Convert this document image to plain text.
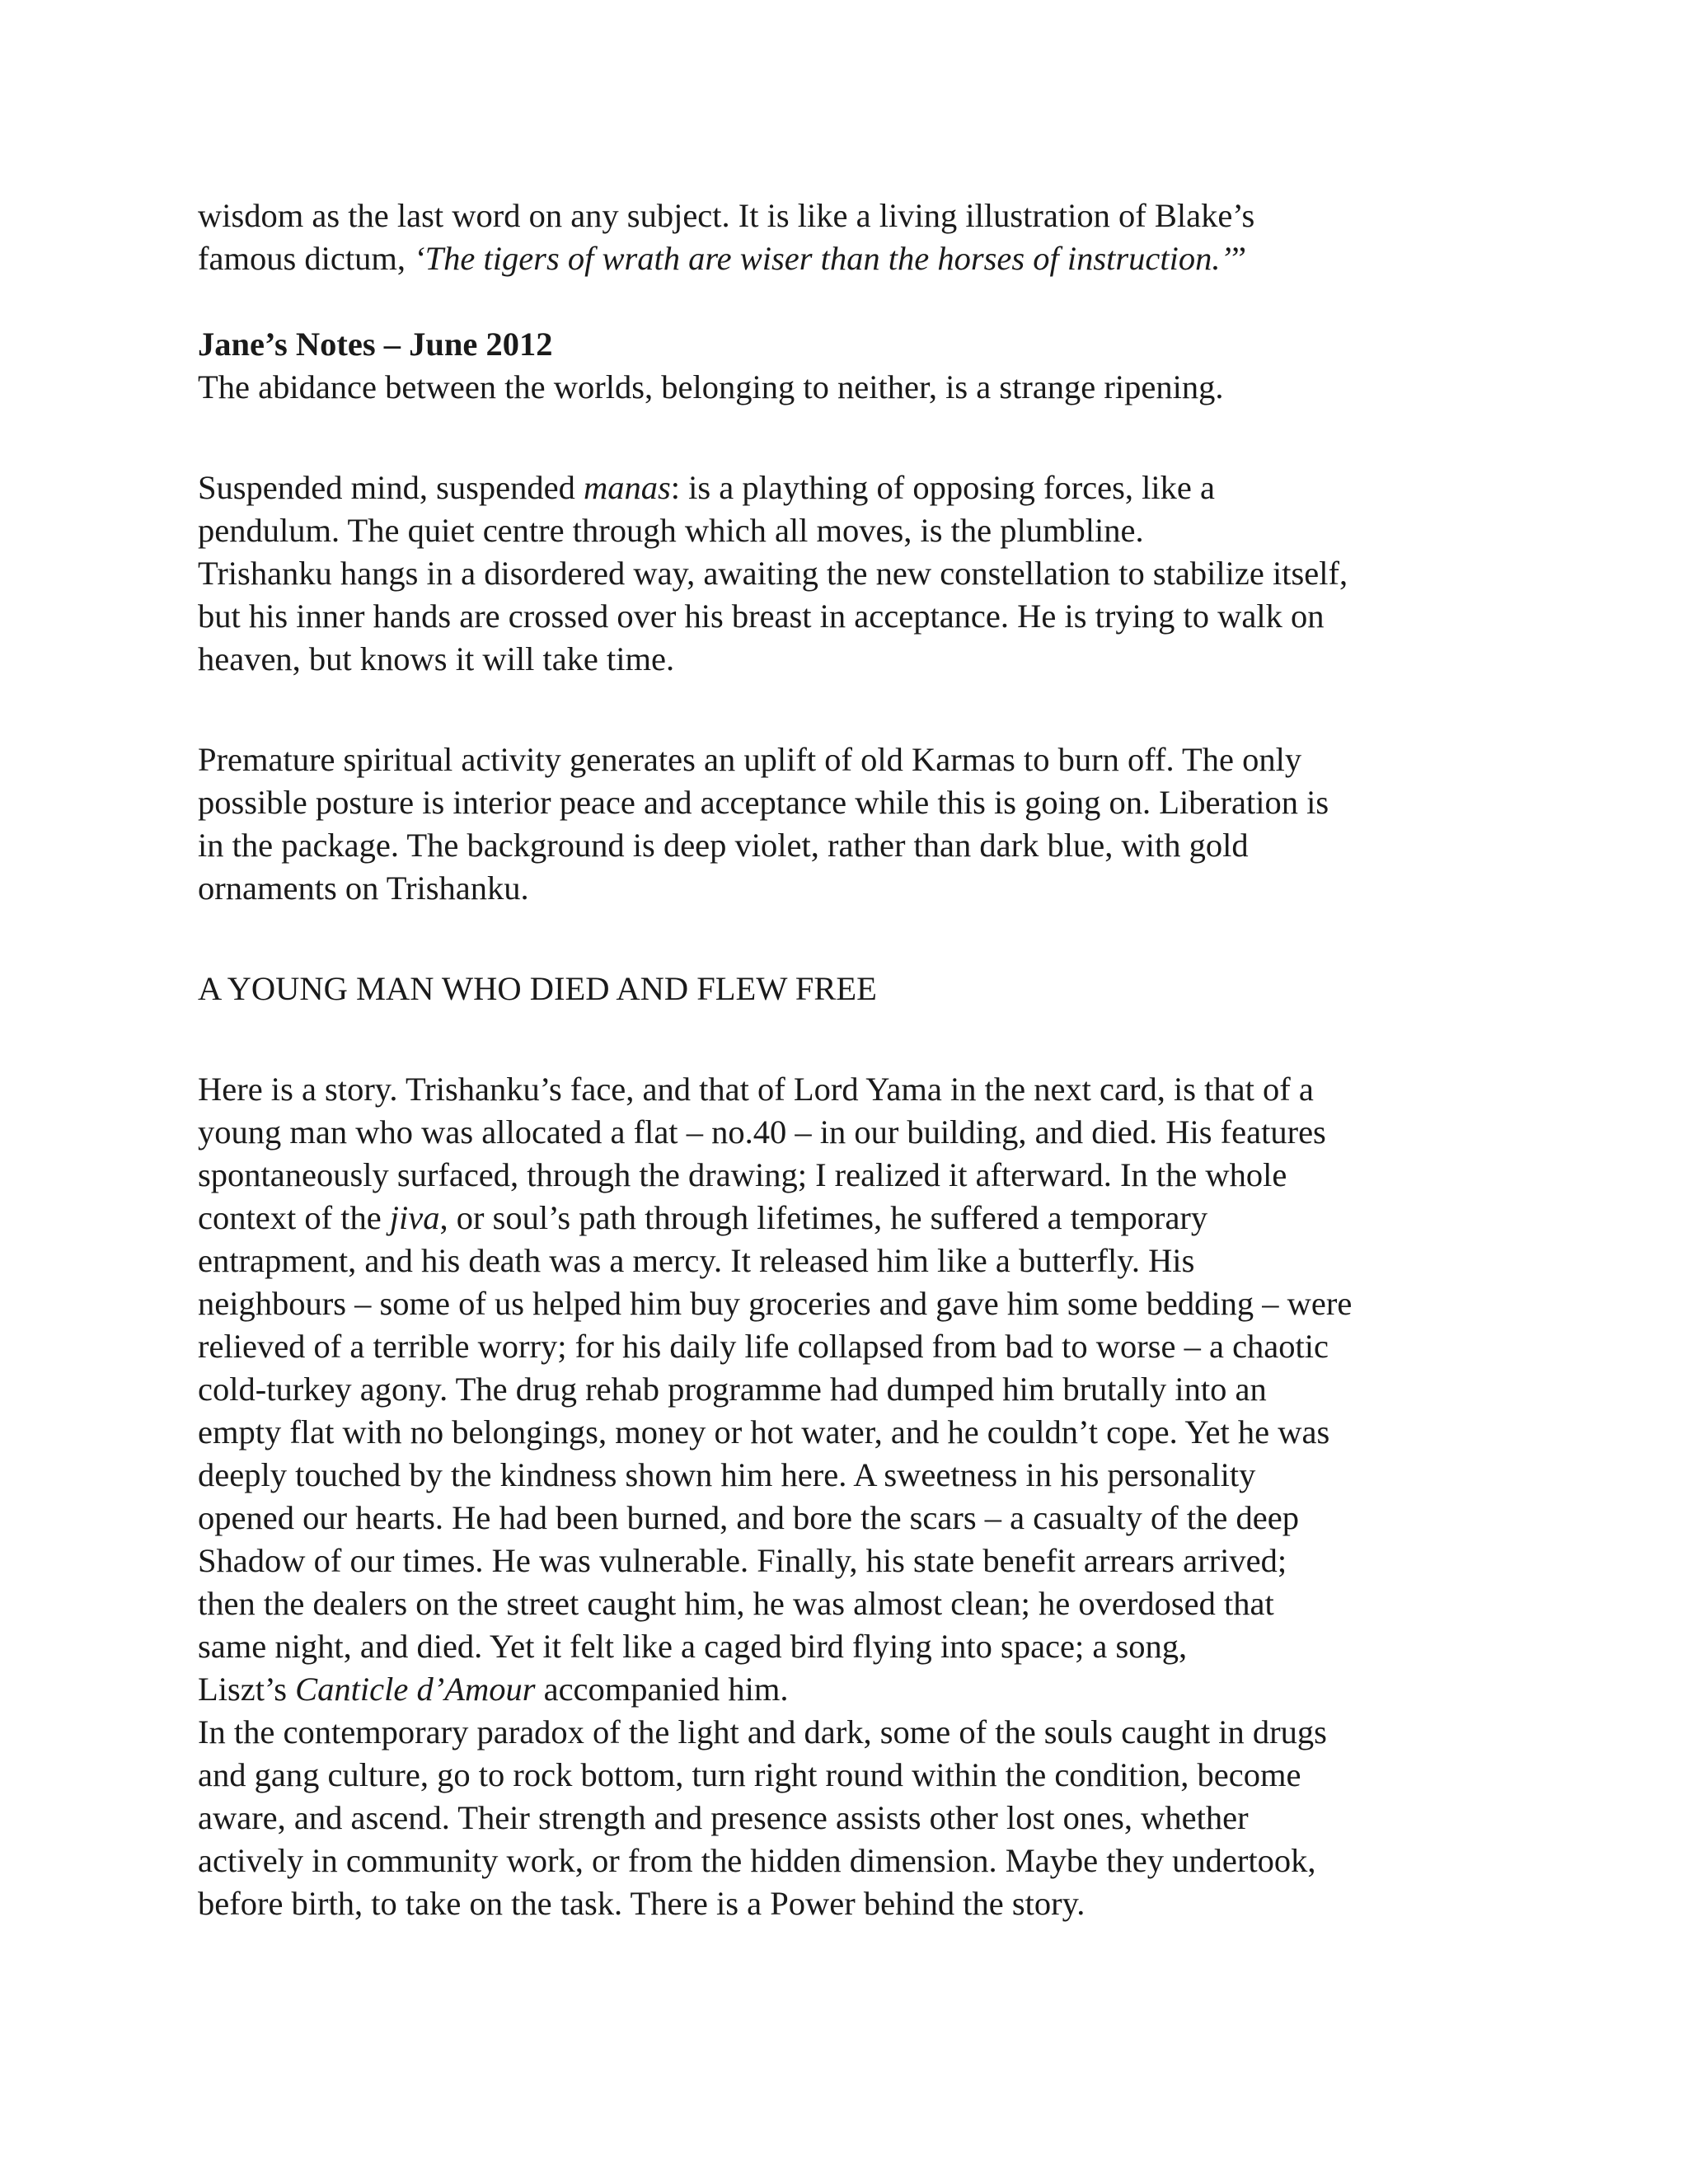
wisdom as the last word on any subject. It is like a living illustration of Blake’s
famous dictum, ‘The tigers of wrath are wiser than the horses of instruction.’”
Jane’s Notes – June 2012
The abidance between the worlds, belonging to neither, is a strange ripening.
Suspended mind, suspended manas: is a plaything of opposing forces, like a
pendulum. The quiet centre through which all moves, is the plumbline.
Trishanku hangs in a disordered way, awaiting the new constellation to stabilize itself,
but his inner hands are crossed over his breast in acceptance. He is trying to walk on
heaven, but knows it will take time.
Premature spiritual activity generates an uplift of old Karmas to burn off. The only
possible posture is interior peace and acceptance while this is going on. Liberation is
in the package. The background is deep violet, rather than dark blue, with gold
ornaments on Trishanku.
A YOUNG MAN WHO DIED AND FLEW FREE
Here is a story. Trishanku’s face, and that of Lord Yama in the next card, is that of a
young man who was allocated a flat – no.40 – in our building, and died. His features
spontaneously surfaced, through the drawing; I realized it afterward. In the whole
context of the jiva, or soul’s path through lifetimes, he suffered a temporary
entrapment, and his death was a mercy. It released him like a butterfly. His
neighbours – some of us helped him buy groceries and gave him some bedding – were
relieved of a terrible worry; for his daily life collapsed from bad to worse – a chaotic
cold-turkey agony. The drug rehab programme had dumped him brutally into an
empty flat with no belongings, money or hot water, and he couldn’t cope. Yet he was
deeply touched by the kindness shown him here. A sweetness in his personality
opened our hearts. He had been burned, and bore the scars – a casualty of the deep
Shadow of our times. He was vulnerable. Finally, his state benefit arrears arrived;
then the dealers on the street caught him, he was almost clean; he overdosed that
same night, and died. Yet it felt like a caged bird flying into space; a song,
Liszt’s Canticle d’Amour accompanied him.
In the contemporary paradox of the light and dark, some of the souls caught in drugs
and gang culture, go to rock bottom, turn right round within the condition, become
aware, and ascend. Their strength and presence assists other lost ones, whether
actively in community work, or from the hidden dimension. Maybe they undertook,
before birth, to take on the task. There is a Power behind the story.
